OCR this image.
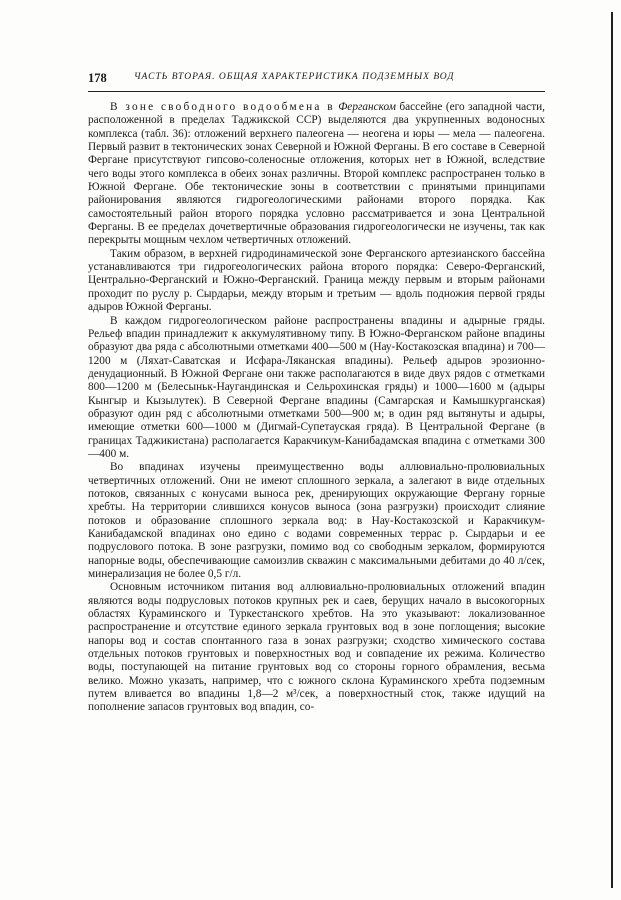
178	ЧАСТЬ ВТОРАЯ. ОБЩАЯ ХАРАКТЕРИСТИКА ПОДЗЕМНЫХ ВОД

В зоне свободного водообмена в Ферганском бассейне (его западной части, расположенной в пределах Таджикской ССР) выделяются два укрупненных водоносных комплекса (табл. 36): отложений верхнего палеогена — неогена и юры — мела — палеогена. Первый развит в тектонических зонах Северной и Южной Ферганы. В его составе в Северной Фергане присутствуют гипсово-соленосные отложения, которых нет в Южной, вследствие чего воды этого комплекса в обеих зонах различны. Второй комплекс распространен только в Южной Фергане. Обе тектонические зоны в соответствии с принятыми принципами районирования являются гидрогеологическими районами второго порядка. Как самостоятельный район второго порядка условно рассматривается и зона Центральной Ферганы. В ее пределах дочетвертичные образования гидрогеологически не изучены, так как перекрыты мощным чехлом четвертичных отложений.

Таким образом, в верхней гидродинамической зоне Ферганского артезианского бассейна устанавливаются три гидрогеологических района второго порядка: Северо-Ферганский, Центрально-Ферганский и Южно-Ферганский. Граница между первым и вторым районами проходит по руслу р. Сырдарьи, между вторым и третьим — вдоль подножия первой гряды адыров Южной Ферганы.

В каждом гидрогеологическом районе распространены впадины и адырные гряды. Рельеф впадин принадлежит к аккумулятивному типу. В Южно-Ферганском районе впадины образуют два ряда с абсолютными отметками 400—500 м (Нау-Костакозская впадина) и 700—1200 м (Ляхат-Саватская и Исфара-Ляканская впадины). Рельеф адыров эрозионно-денудационный. В Южной Фергане они также располагаются в виде двух рядов с отметками 800—1200 м (Белесыньк-Наугандинская и Сельрохинская гряды) и 1000—1600 м (адыры Кынгыр и Кызылутек). В Северной Фергане впадины (Самгарская и Камышкурганская) образуют один ряд с абсолютными отметками 500—900 м; в один ряд вытянуты и адыры, имеющие отметки 600—1000 м (Дигмай-Супетауская гряда). В Центральной Фергане (в границах Таджикистана) располагается Каракчикум-Канибадамская впадина с отметками 300—400 м.

Во впадинах изучены преимущественно воды аллювиально-пролювиальных четвертичных отложений. Они не имеют сплошного зеркала, а залегают в виде отдельных потоков, связанных с конусами выноса рек, дренирующих окружающие Фергану горные хребты. На территории слившихся конусов выноса (зона разгрузки) происходит слияние потоков и образование сплошного зеркала вод: в Нау-Костакозской и Каракчикум-Канибадамской впадинах оно едино с водами современных террас р. Сырдарьи и ее подруслового потока. В зоне разгрузки, помимо вод со свободным зеркалом, формируются напорные воды, обеспечивающие самоизлив скважин с максимальными дебитами до 40 л/сек, минерализация не более 0,5 г/л.

Основным источником питания вод аллювиально-пролювиальных отложений впадин являются воды подрусловых потоков крупных рек и саев, берущих начало в высокогорных областях Кураминского и Туркестанского хребтов. На это указывают: локализованное распространение и отсутствие единого зеркала грунтовых вод в зоне поглощения; высокие напоры вод и состав спонтанного газа в зонах разгрузки; сходство химического состава отдельных потоков грунтовых и поверхностных вод и совпадение их режима. Количество воды, поступающей на питание грунтовых вод со стороны горного обрамления, весьма велико. Можно указать, например, что с южного склона Кураминского хребта подземным путем вливается во впадины 1,8—2 м³/сек, а поверхностный сток, также идущий на пополнение запасов грунтовых вод впадин, со-
